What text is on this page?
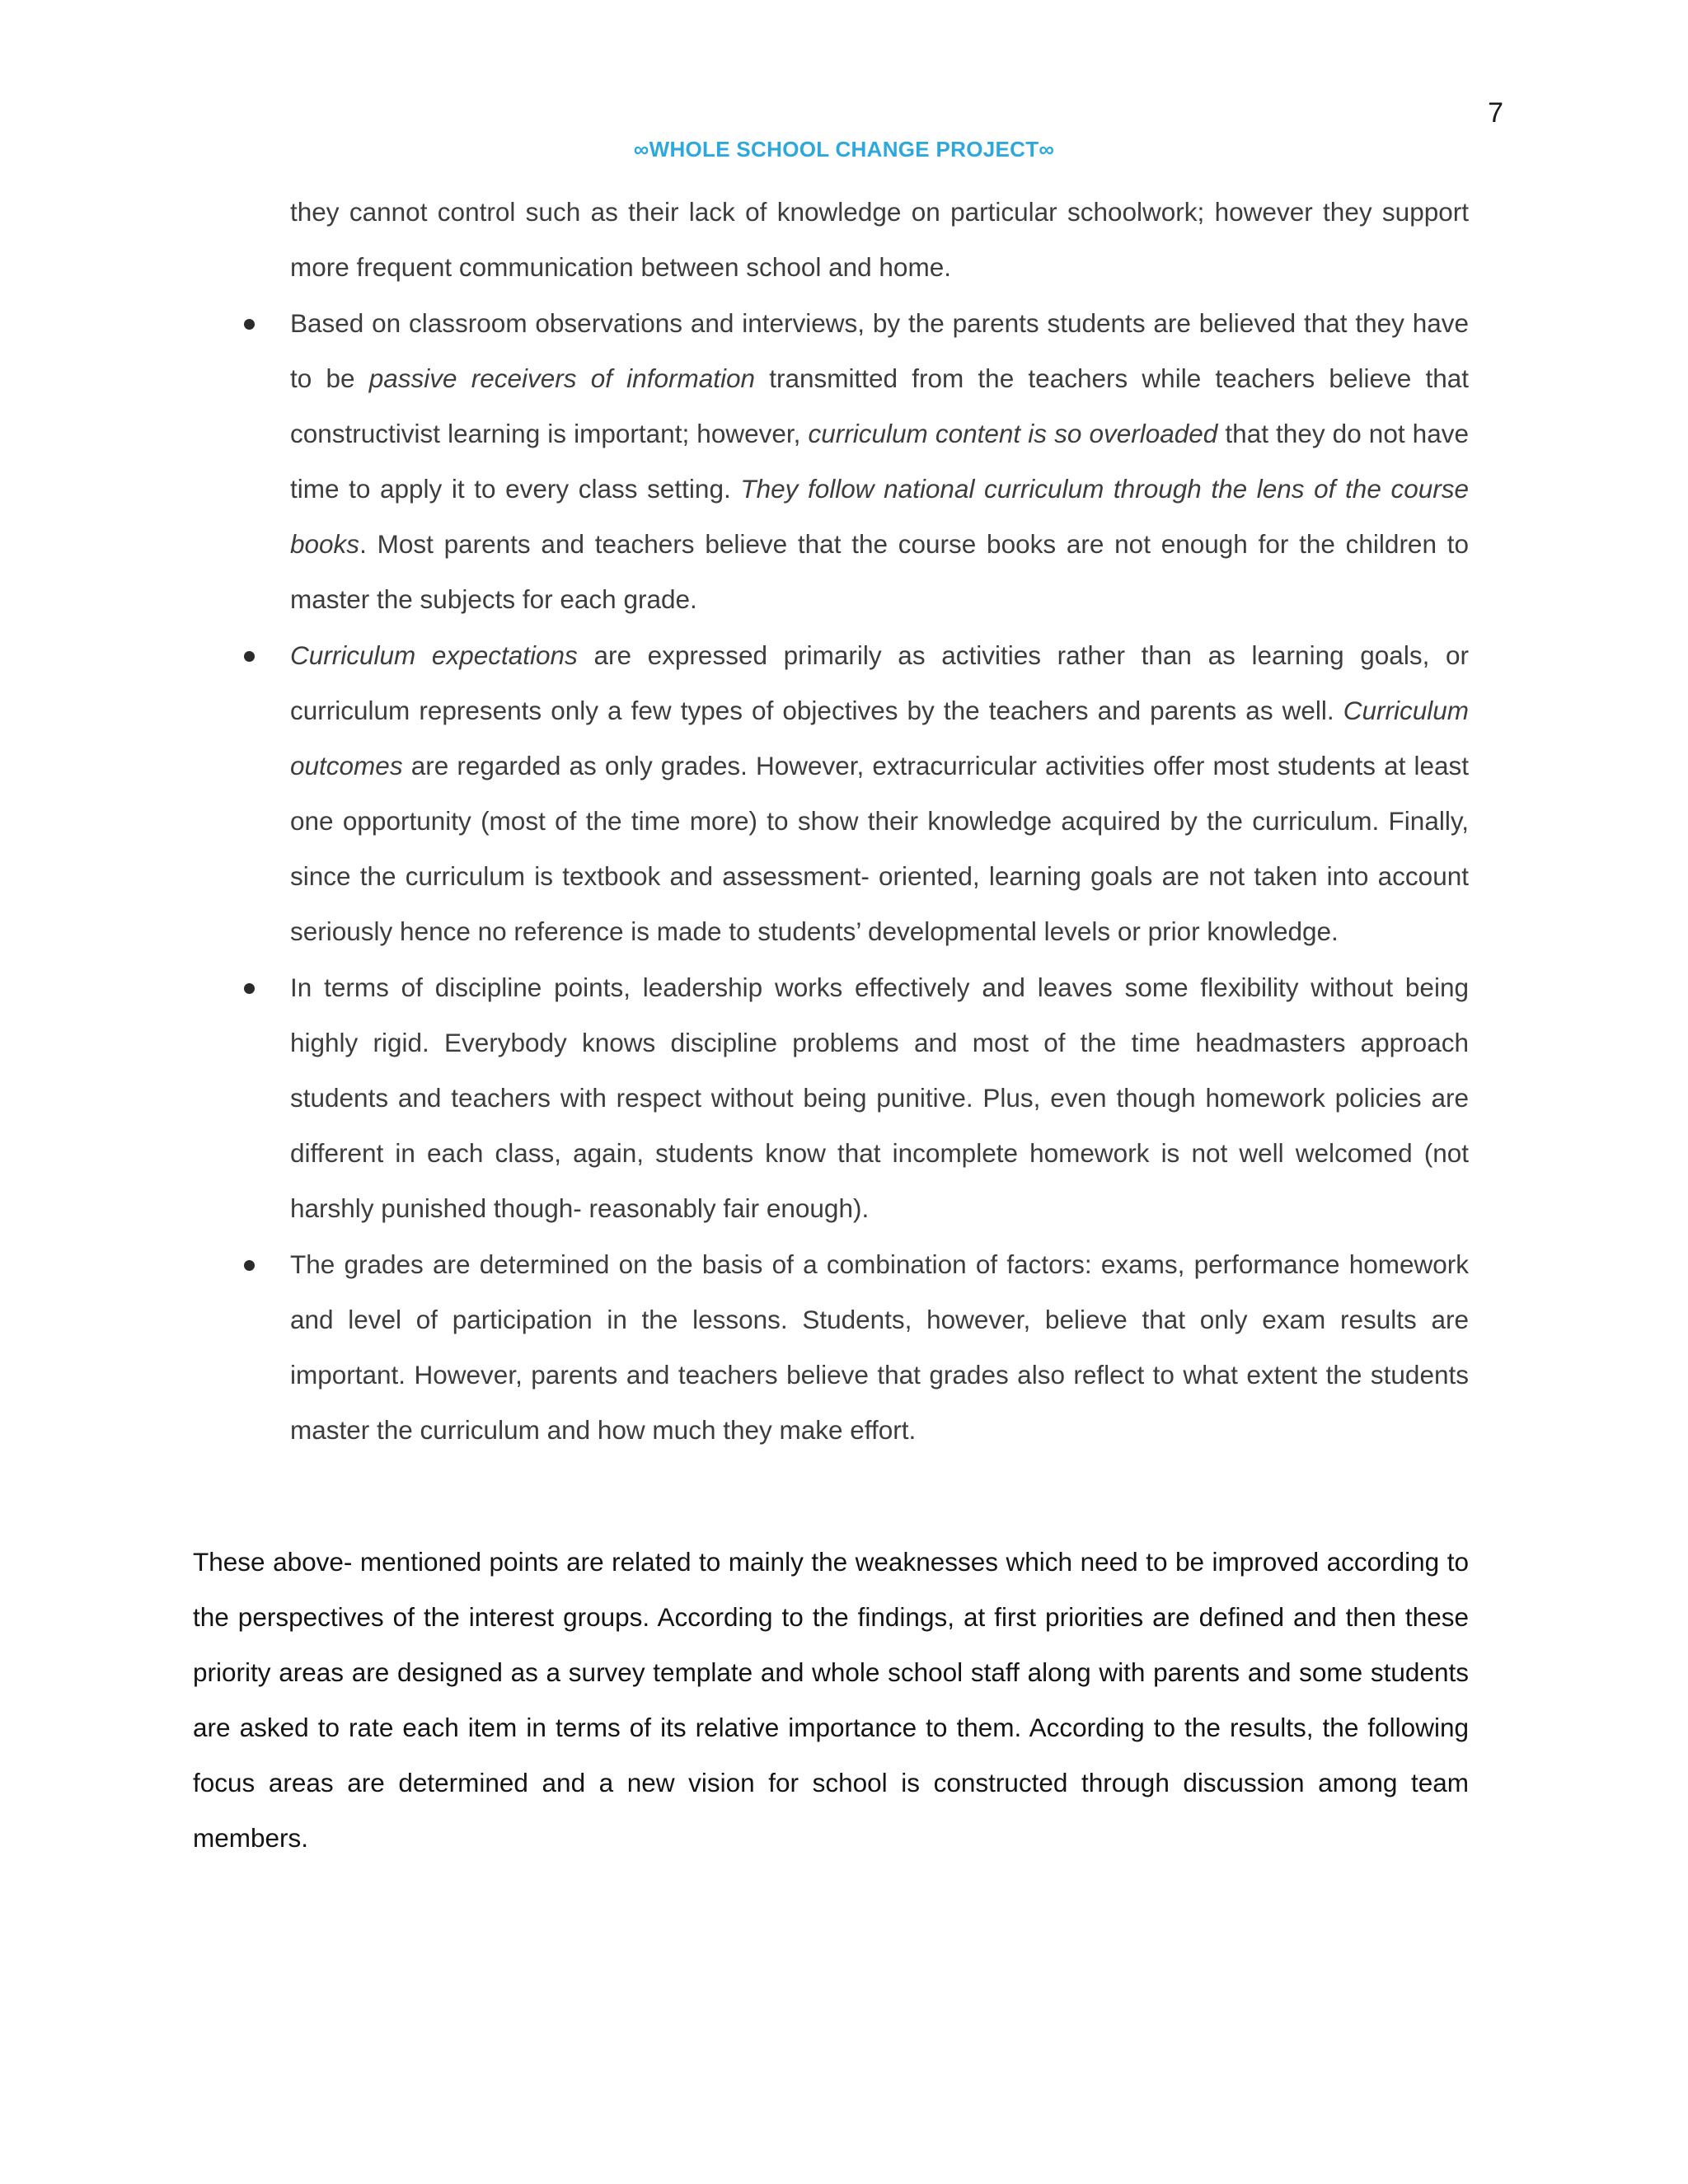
7
∞WHOLE SCHOOL CHANGE PROJECT∞
they cannot control such as their lack of knowledge on particular schoolwork; however they support more frequent communication between school and home.
Based on classroom observations and interviews, by the parents students are believed that they have to be passive receivers of information transmitted from the teachers while teachers believe that constructivist learning is important; however, curriculum content is so overloaded that they do not have time to apply it to every class setting. They follow national curriculum through the lens of the course books. Most parents and teachers believe that the course books are not enough for the children to master the subjects for each grade.
Curriculum expectations are expressed primarily as activities rather than as learning goals, or curriculum represents only a few types of objectives by the teachers and parents as well. Curriculum outcomes are regarded as only grades. However, extracurricular activities offer most students at least one opportunity (most of the time more) to show their knowledge acquired by the curriculum. Finally, since the curriculum is textbook and assessment- oriented, learning goals are not taken into account seriously hence no reference is made to students’ developmental levels or prior knowledge.
In terms of discipline points, leadership works effectively and leaves some flexibility without being highly rigid. Everybody knows discipline problems and most of the time headmasters approach students and teachers with respect without being punitive. Plus, even though homework policies are different in each class, again, students know that incomplete homework is not well welcomed (not harshly punished though- reasonably fair enough).
The grades are determined on the basis of a combination of factors: exams, performance homework and level of participation in the lessons. Students, however, believe that only exam results are important. However, parents and teachers believe that grades also reflect to what extent the students master the curriculum and how much they make effort.

These above- mentioned points are related to mainly the weaknesses which need to be improved according to the perspectives of the interest groups. According to the findings, at first priorities are defined and then these priority areas are designed as a survey template and whole school staff along with parents and some students are asked to rate each item in terms of its relative importance to them. According to the results, the following focus areas are determined and a new vision for school is constructed through discussion among team members.
